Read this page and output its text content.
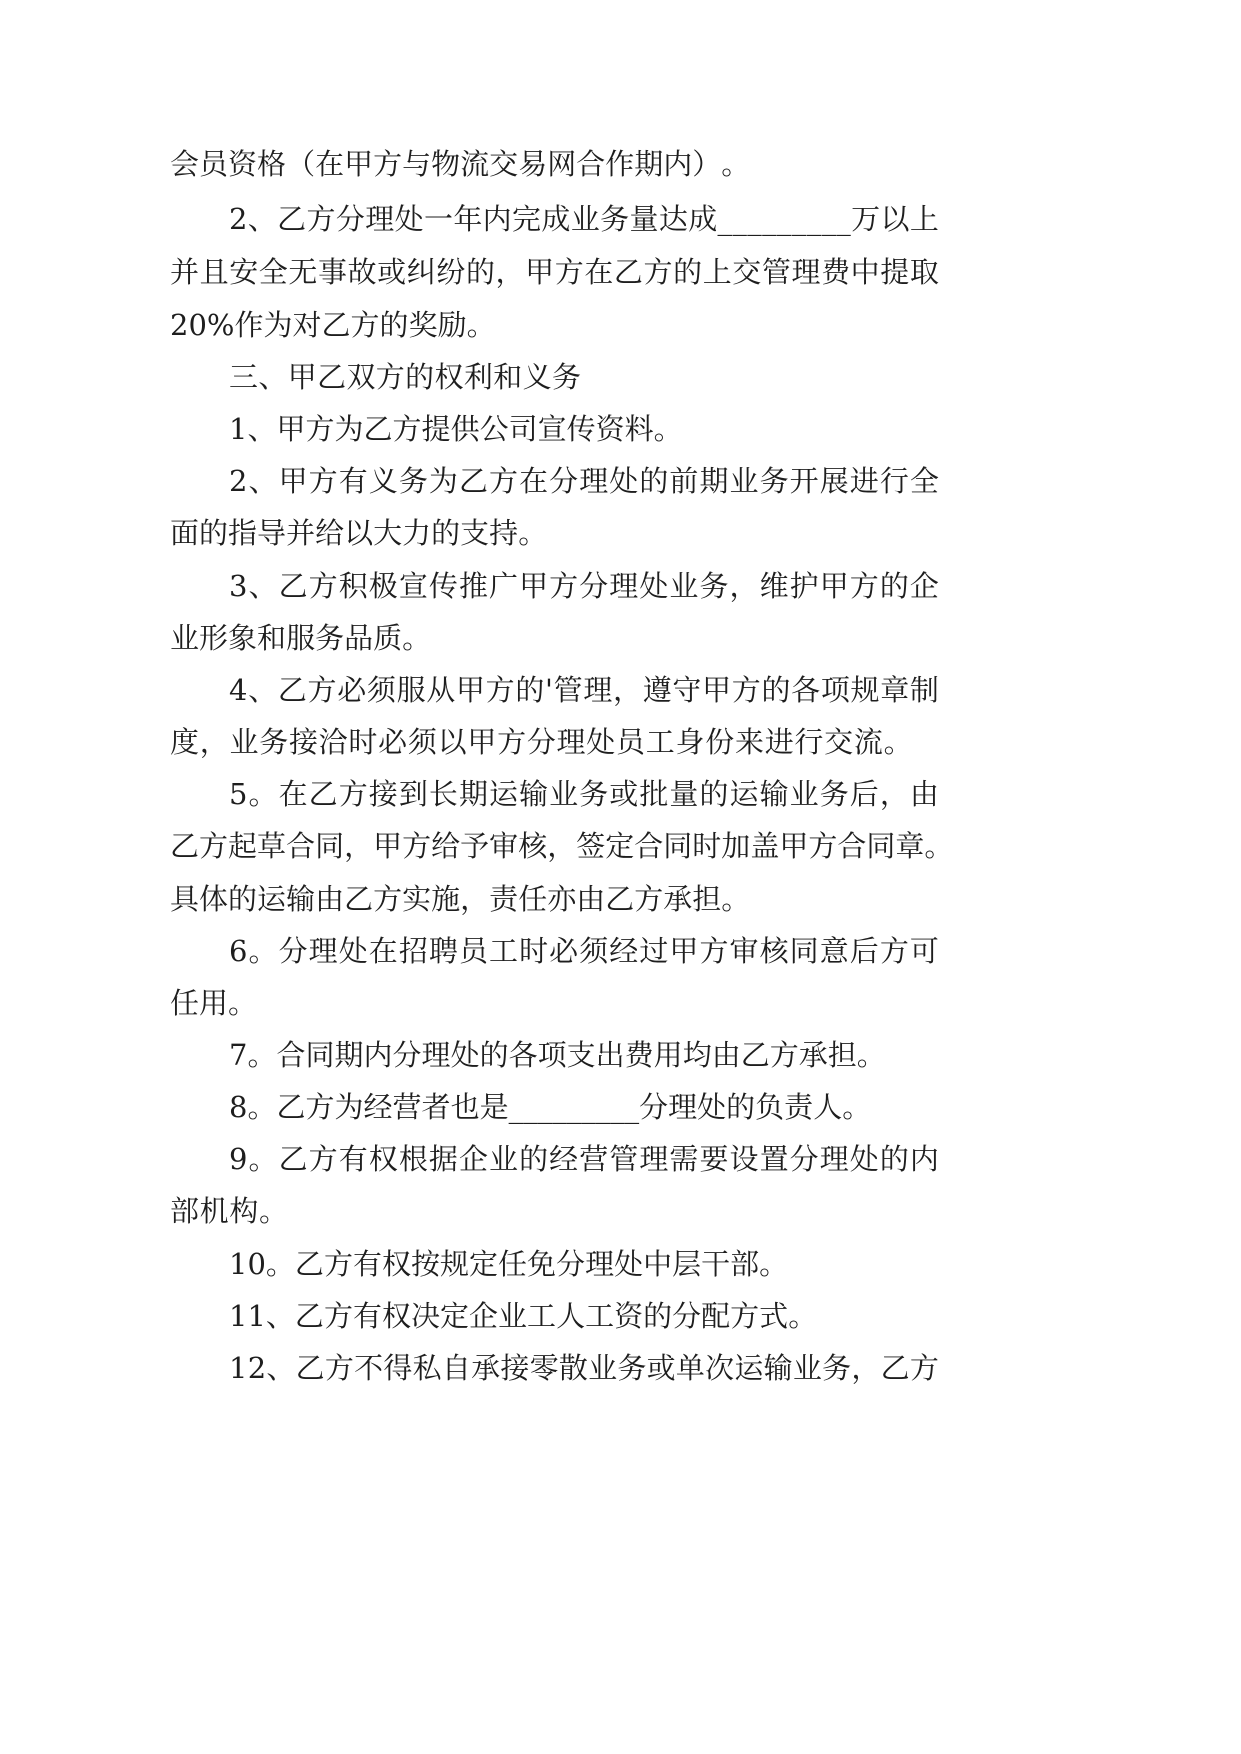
会 员 资 格 （ 在 甲 方 与 物 流 交 易 网 合 作 期 内 ） 。
2 、 乙 方 分 理 处 一 年 内 完 成 业 务 量 达 成 _ _ _ _ _ _ _ _ _ 万 以 上
并 且 安 全 无 事 故 或 纠 纷 的 ， 甲 方 在 乙 方 的 上 交 管 理 费 中 提 取
2 0 % 作 为 对 乙 方 的 奖 励 。
三 、 甲 乙 双 方 的 权 利 和 义 务
1 、 甲 方 为 乙 方 提 供 公 司 宣 传 资 料 。
2 、 甲 方 有 义 务 为 乙 方 在 分 理 处 的 前 期 业 务 开 展 进 行 全
面 的 指 导 并 给 以 大 力 的 支 持 。
3 、 乙 方 积 极 宣 传 推 广 甲 方 分 理 处 业 务 ， 维 护 甲 方 的 企
业 形 象 和 服 务 品 质 。
4 、 乙 方 必 须 服 从 甲 方 的 ' 管 理 ， 遵 守 甲 方 的 各 项 规 章 制
度 ， 业 务 接 洽 时 必 须 以 甲 方 分 理 处 员 工 身 份 来 进 行 交 流 。
5 。 在 乙 方 接 到 长 期 运 输 业 务 或 批 量 的 运 输 业 务 后 ， 由
乙 方 起 草 合 同 ， 甲 方 给 予 审 核 ， 签 定 合 同 时 加 盖 甲 方 合 同 章 。
具 体 的 运 输 由 乙 方 实 施 ， 责 任 亦 由 乙 方 承 担 。
6 。 分 理 处 在 招 聘 员 工 时 必 须 经 过 甲 方 审 核 同 意 后 方 可
任 用 。
7 。 合 同 期 内 分 理 处 的 各 项 支 出 费 用 均 由 乙 方 承 担 。
8 。 乙 方 为 经 营 者 也 是 _ _ _ _ _ _ _ _ _ 分 理 处 的 负 责 人 。
9 。 乙 方 有 权 根 据 企 业 的 经 营 管 理 需 要 设 置 分 理 处 的 内
部 机 构 。
1 0 。 乙 方 有 权 按 规 定 任 免 分 理 处 中 层 干 部 。
1 1 、 乙 方 有 权 决 定 企 业 工 人 工 资 的 分 配 方 式 。
1 2 、 乙 方 不 得 私 自 承 接 零 散 业 务 或 单 次 运 输 业 务 ， 乙 方
